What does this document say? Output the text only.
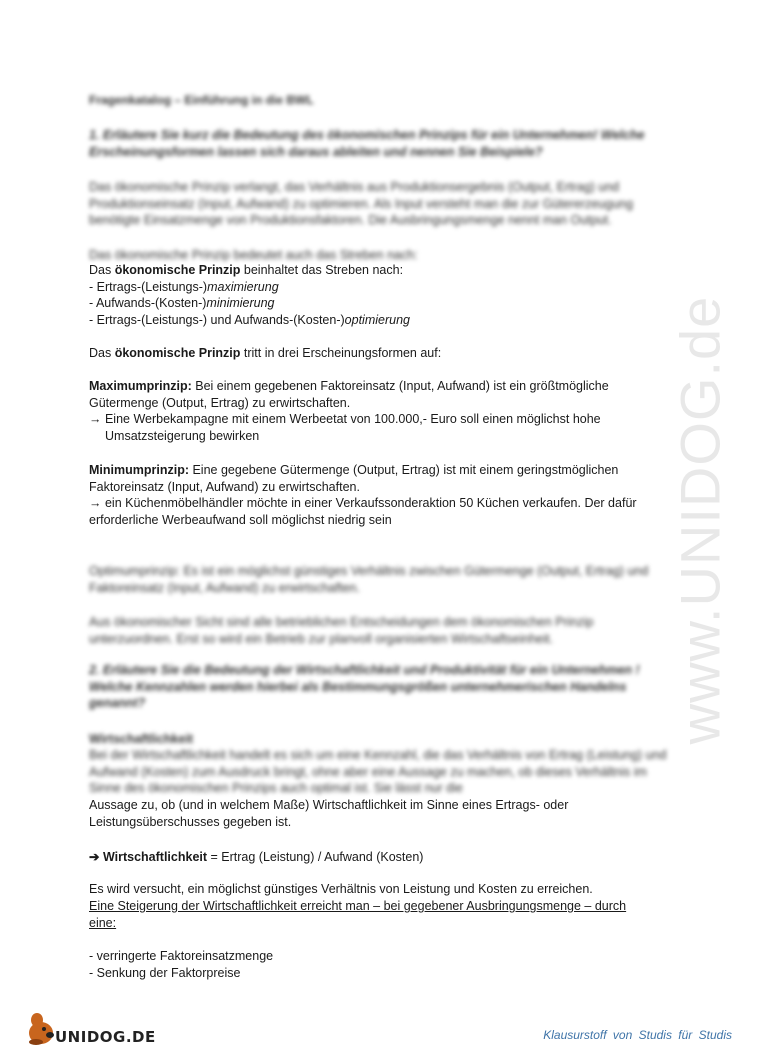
www.UNIDOG.de

Fragenkatalog – Einführung in die BWL

1. Erläutere Sie kurz die Bedeutung des ökonomischen Prinzips für ein Unternehmen! Welche Erscheinungsformen lassen sich daraus ableiten und nennen Sie Beispiele?

Das ökonomische Prinzip verlangt, das Verhältnis aus Produktionsergebnis (Output, Ertrag) und Produktionseinsatz (Input, Aufwand) zu optimieren. Als Input versteht man die zur Gütererzeugung benötigte Einsatzmenge von Produktionsfaktoren. Die Ausbringungsmenge nennt man Output.

Das ökonomische Prinzip bedeutet auch das Streben nach:

Das ökonomische Prinzip beinhaltet das Streben nach:
- Ertrags-(Leistungs-)maximierung
- Aufwands-(Kosten-)minimierung
- Ertrags-(Leistungs-) und Aufwands-(Kosten-)optimierung
Das ökonomische Prinzip tritt in drei Erscheinungsformen auf:
Maximumprinzip: Bei einem gegebenen Faktoreinsatz (Input, Aufwand) ist ein größtmögliche Gütermenge (Output, Ertrag) zu erwirtschaften.
→ Eine Werbekampagne mit einem Werbeetat von 100.000,- Euro soll einen möglichst hohe
Umsatzsteigerung bewirken
Minimumprinzip: Eine gegebene Gütermenge (Output, Ertrag) ist mit einem geringstmöglichen Faktoreinsatz (Input, Aufwand) zu erwirtschaften.
→ ein Küchenmöbelhändler möchte in einer Verkaufssonderaktion 50 Küchen verkaufen. Der dafür erforderliche Werbeaufwand soll möglichst niedrig sein

Optimumprinzip: Es ist ein möglichst günstiges Verhältnis zwischen Gütermenge (Output, Ertrag) und Faktoreinsatz (Input, Aufwand) zu erwirtschaften.

Aus ökonomischer Sicht sind alle betrieblichen Entscheidungen dem ökonomischen Prinzip unterzuordnen. Erst so wird ein Betrieb zur planvoll organisierten Wirtschaftseinheit.

2. Erläutere Sie die Bedeutung der Wirtschaftlichkeit und Produktivität für ein Unternehmen ! Welche Kennzahlen werden hierbei als Bestimmungsgrößen unternehmerischen Handelns genannt?

Wirtschaftlichkeit

Bei der Wirtschaftlichkeit handelt es sich um eine Kennzahl, die das Verhältnis von Ertrag (Leistung) und Aufwand (Kosten) zum Ausdruck bringt, ohne aber eine Aussage zu machen, ob dieses Verhältnis im Sinne des ökonomischen Prinzips auch optimal ist. Sie lässt nur die

Aussage zu, ob (und in welchem Maße) Wirtschaftlichkeit im Sinne eines Ertrags- oder Leistungsüberschusses gegeben ist.

➔ Wirtschaftlichkeit = Ertrag (Leistung) / Aufwand (Kosten)

Es wird versucht, ein möglichst günstiges Verhältnis von Leistung und Kosten zu erreichen.

Eine Steigerung der Wirtschaftlichkeit erreicht man – bei gegebener Ausbringungsmenge – durch eine:

- verringerte Faktoreinsatzmenge
- Senkung der Faktorpreise
UNIDOG.DE	Klausurstoff von Studis für Studis
